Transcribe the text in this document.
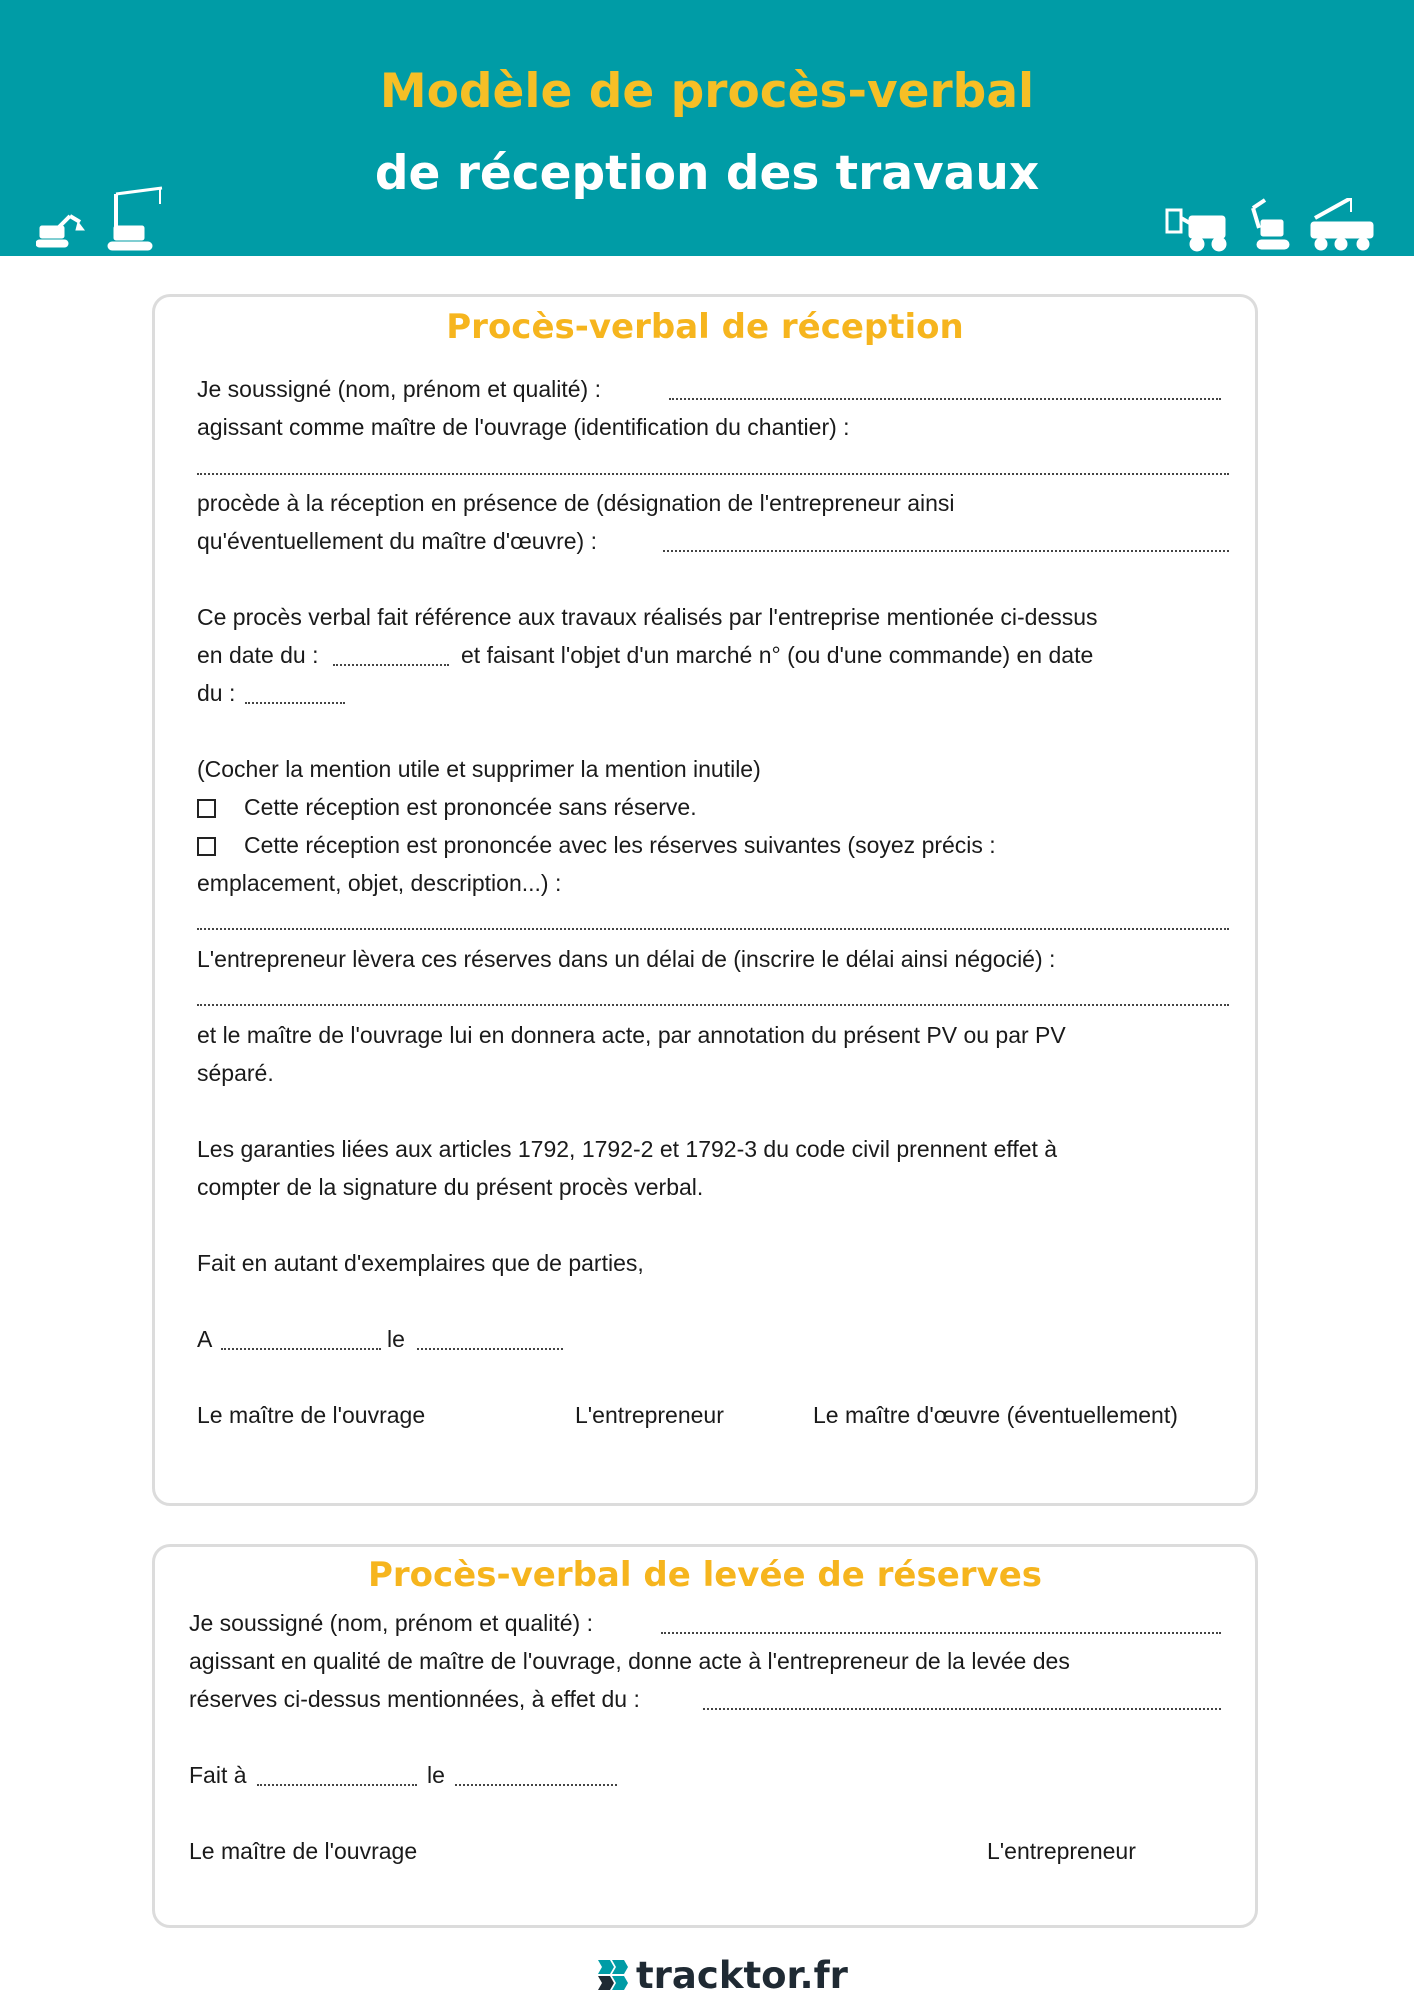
Modèle de procès-verbal
de réception des travaux
Procès-verbal de réception
Je soussigné (nom, prénom et qualité) :
agissant comme maître de l'ouvrage (identification du chantier) :
procède à la réception en présence de (désignation de l'entrepreneur ainsi
qu'éventuellement du maître d'œuvre) :
Ce procès verbal fait référence aux travaux réalisés par l'entreprise mentionée ci-dessus
en date du :	et faisant l'objet d'un marché n° (ou d'une commande) en date
du :
(Cocher la mention utile et supprimer la mention inutile)
Cette réception est prononcée sans réserve.
Cette réception est prononcée avec les réserves suivantes (soyez précis :
emplacement, objet, description...) :
L'entrepreneur lèvera ces réserves dans un délai de (inscrire le délai ainsi négocié) :
et le maître de l'ouvrage lui en donnera acte, par annotation du présent PV ou par PV
séparé.
Les garanties liées aux articles 1792, 1792-2 et 1792-3 du code civil prennent effet à
compter de la signature du présent procès verbal.
Fait en autant d'exemplaires que de parties,
A	le
Le maître de l'ouvrage	L'entrepreneur	Le maître d'œuvre (éventuellement)
Procès-verbal de levée de réserves
Je soussigné (nom, prénom et qualité) :
agissant en qualité de maître de l'ouvrage, donne acte à l'entrepreneur de la levée des
réserves ci-dessus mentionnées, à effet du :
Fait à	le
Le maître de l'ouvrage	L'entrepreneur
tracktor.fr
